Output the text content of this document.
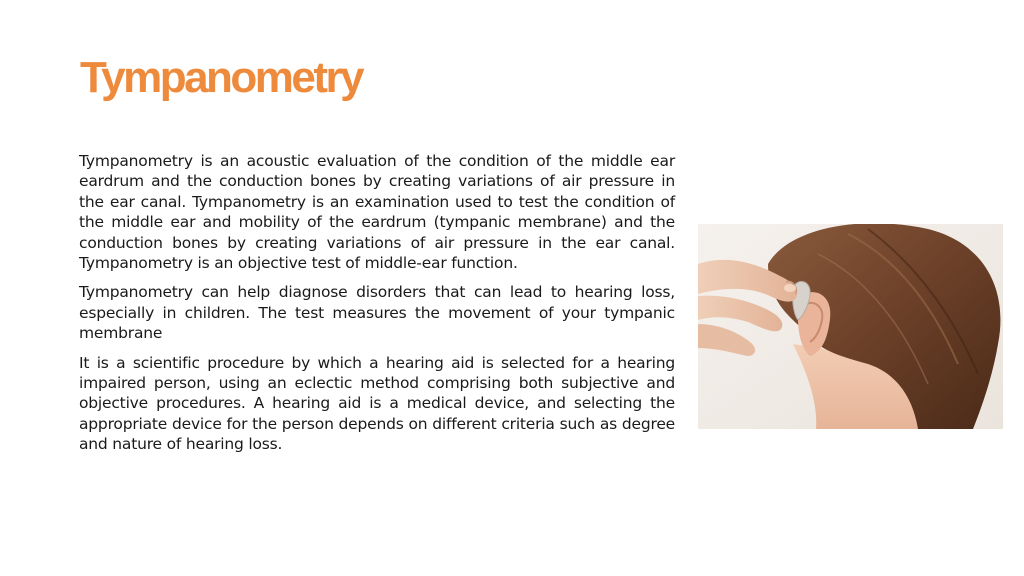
Tympanometry

Tympanometry is an acoustic evaluation of the condition of the middle ear eardrum and the conduction bones by creating variations of air pressure in the ear canal. Tympanometry is an examination used to test the condition of the middle ear and mobility of the eardrum (tympanic membrane) and the conduction bones by creating variations of air pressure in the ear canal. Tympanometry is an objective test of middle-ear function.

Tympanometry can help diagnose disorders that can lead to hearing loss, especially in children. The test measures the movement of your tympanic membrane

It is a scientific procedure by which a hearing aid is selected for a hearing impaired person, using an eclectic method comprising both subjective and objective procedures. A hearing aid is a medical device, and selecting the appropriate device for the person depends on different criteria such as degree and nature of hearing loss.
